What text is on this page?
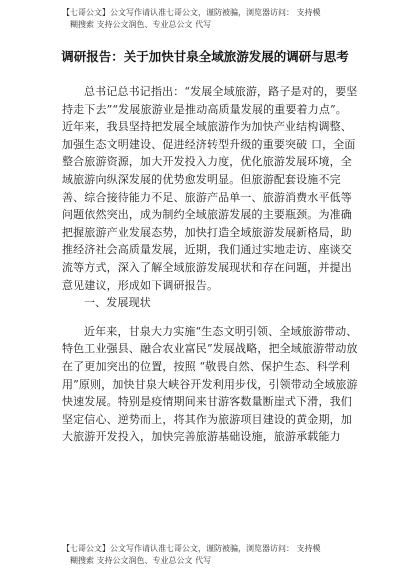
【七哥公文】公文写作请认准七哥公文，谨防被骗，浏览器访问： 支持模
糊搜索 支持公文润色、专业总公文 代写
调研报告：关于加快甘泉全域旅游发展的调研与思考

总书记总书记指出：“发展全域旅游，路子是对的，要坚持走下去”“发展旅游业是推动高质量发展的重要着力点”。 近年来，我县坚持把发展全域旅游作为加快产业结构调整、加强生态文明建设、促进经济转型升级的重要突破 口，全面整合旅游资源，加大开发投入力度，优化旅游发展环境，全域旅游向纵深发展的优势愈发明显。但旅游配套设施不完善、综合接待能力不足、旅游产品单一、旅游消费水平低等问题依然突出，成为制约全域旅游发展的主要瓶颈。为准确把握旅游产业发展态势，加快打造全域旅游发展新格局，助推经济社会高质量发展，近期，我们通过实地走访、座谈交流等方式，深入了解全域旅游发展现状和存在问题，并提出意见建议，形成如下调研报告。

一、发展现状

近年来，甘泉大力实施“生态文明引领、全域旅游带动、特色工业强县、融合农业富民”发展战略，把全域旅游带动放在了更加突出的位置，按照 “敬畏自然、保护生态、科学利用”原则，加快甘泉大峡谷开发利用步伐，引领带动全域旅游快速发展。特别是疫情期间来甘游客数量断崖式下滑，我们坚定信心、逆势而上，将其作为旅游项目建设的黄金期，加大旅游开发投入，加快完善旅游基础设施，旅游承载能力

【七哥公文】公文写作请认准七哥公文，谨防被骗，浏览器访问： 支持模
糊搜索 支持公文润色、专业总公文 代写
